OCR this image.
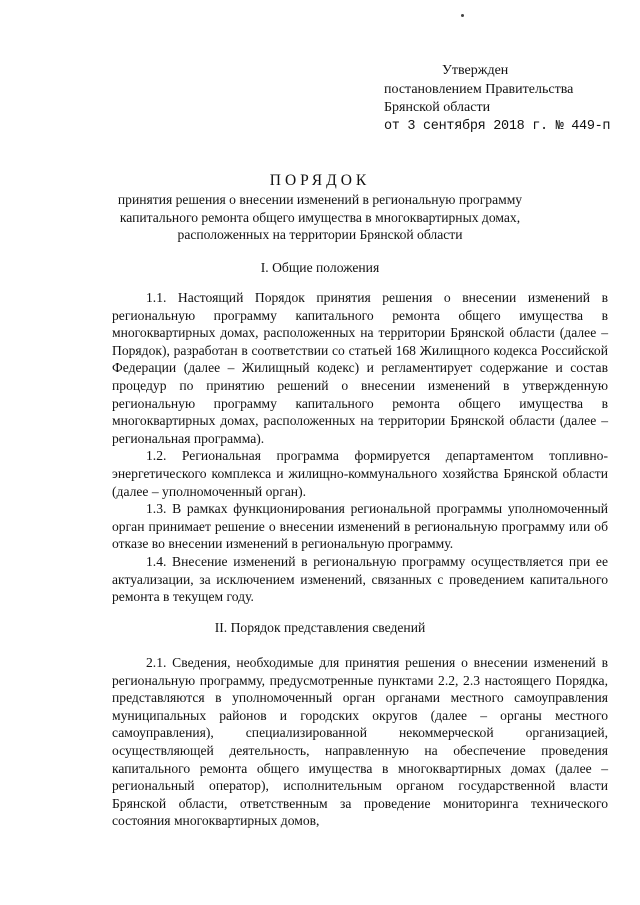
Утвержден
постановлением Правительства
Брянской области
от 3 сентября 2018 г. № 449-п
ПОРЯДОК
принятия решения о внесении изменений в региональную программу
капитального ремонта общего имущества в многоквартирных домах,
расположенных на территории Брянской области
I. Общие положения

1.1. Настоящий Порядок принятия решения о внесении изменений в региональную программу капитального ремонта общего имущества в многоквартирных домах, расположенных на территории Брянской области (далее – Порядок), разработан в соответствии со статьей 168 Жилищного кодекса Российской Федерации (далее – Жилищный кодекс) и регламентирует содержание и состав процедур по принятию решений о внесении изменений в утвержденную региональную программу капитального ремонта общего имущества в многоквартирных домах, расположенных на территории Брянской области (далее – региональная программа).

1.2. Региональная программа формируется департаментом топливно-энергетического комплекса и жилищно-коммунального хозяйства Брянской области (далее – уполномоченный орган).

1.3. В рамках функционирования региональной программы уполномоченный орган принимает решение о внесении изменений в региональную программу или об отказе во внесении изменений в региональную программу.

1.4. Внесение изменений в региональную программу осуществляется при ее актуализации, за исключением изменений, связанных с проведением капитального ремонта в текущем году.

II. Порядок представления сведений

2.1. Сведения, необходимые для принятия решения о внесении изменений в региональную программу, предусмотренные пунктами 2.2, 2.3 настоящего Порядка, представляются в уполномоченный орган органами местного самоуправления муниципальных районов и городских округов (далее – органы местного самоуправления), специализированной некоммерческой организацией, осуществляющей деятельность, направленную на обеспечение проведения капитального ремонта общего имущества в многоквартирных домах (далее – региональный оператор), исполнительным органом государственной власти Брянской области, ответственным за проведение мониторинга технического состояния многоквартирных домов,
